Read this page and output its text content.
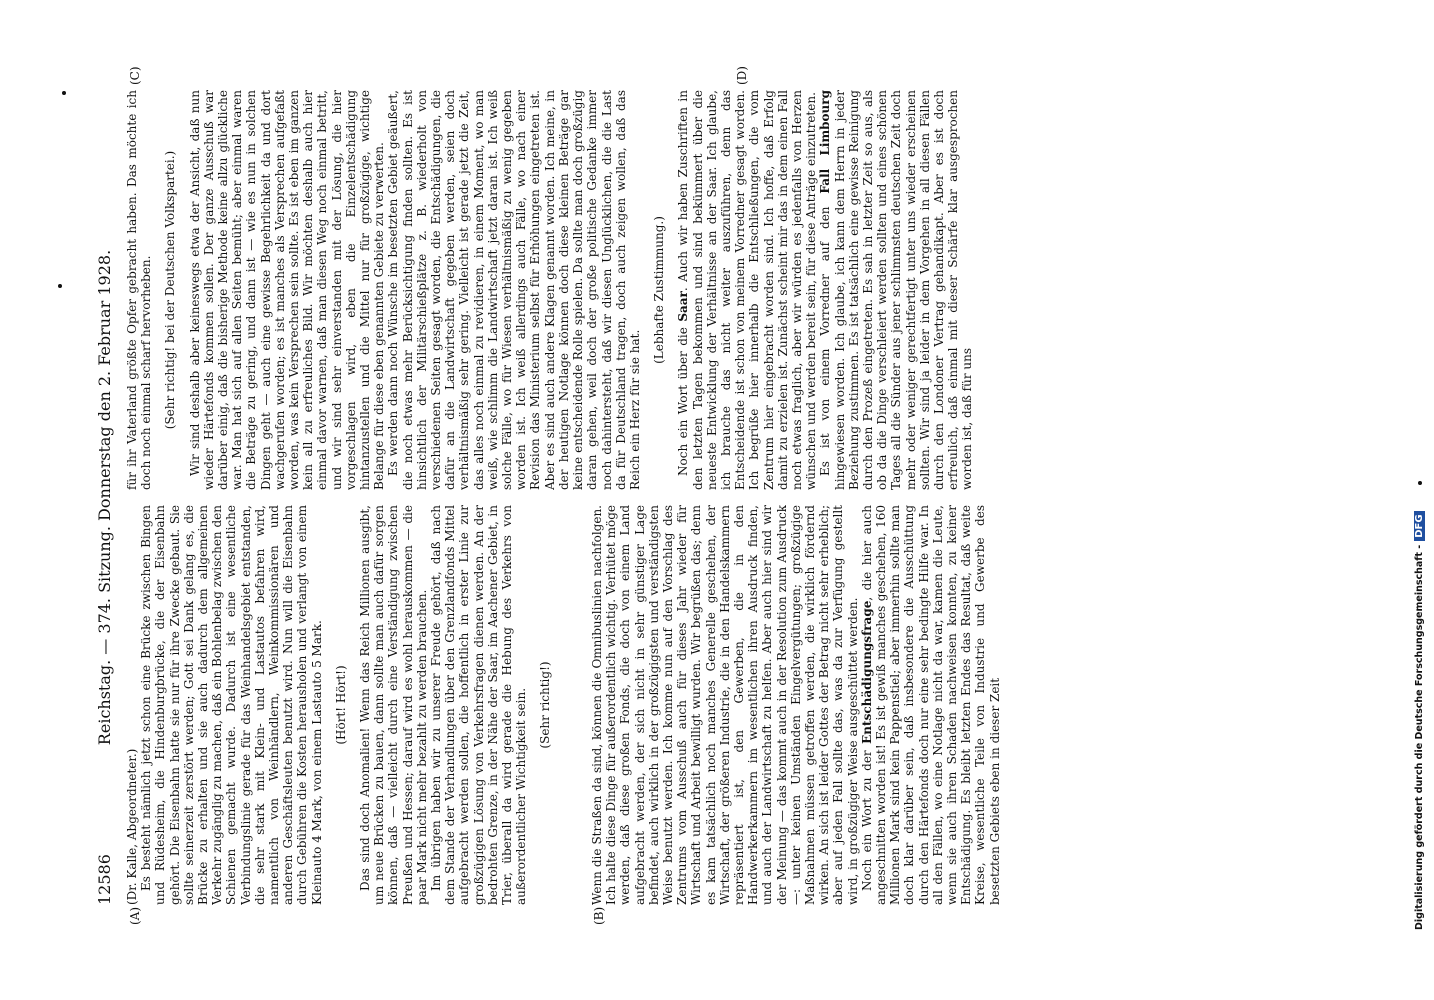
12586
Reichstag. — 374. Sitzung. Donnerstag den 2. Februar 1928.
(A)	(B)
(C)	(D)

(Dr. Kalle, Abgeordneter.) Es besteht nämlich jetzt schon eine Brücke zwischen Bingen und Rüdesheim, die Hindenburgbrücke, die der Eisenbahn gehört. Die Eisenbahn hatte sie nur für ihre Zwecke gebaut. Sie sollte seinerzeit zerstört werden; Gott sei Dank gelang es, die Brücke zu erhalten und sie auch dadurch dem allgemeinen Verkehr zugänglig zu machen, daß ein Bohlenbelag zwischen den Schienen gemacht wurde. Dadurch ist eine wesentliche Verbindungslinie gerade für das Weinhandelsgebiet entstanden, die sehr stark mit Klein- und Lastautos befahren wird, namentlich von Weinhändlern, Weinkommissionären und anderen Geschäftsleuten benutzt wird. Nun will die Eisenbahn durch Gebühren die Kosten herausholen und verlangt von einem Kleinauto 4 Mark, von einem Lastauto 5 Mark. (Hört! Hört!) Das sind doch Anomalien! Wenn das Reich Millionen ausgibt, um neue Brücken zu bauen, dann sollte man auch dafür sorgen können, daß — vielleicht durch eine Verständigung zwischen Preußen und Hessen; darauf wird es wohl herauskommen — die paar Mark nicht mehr bezahlt zu werden brauchen. Im übrigen haben wir zu unserer Freude gehört, daß nach dem Stande der Verhandlungen über den Grenzlandfonds Mittel aufgebracht werden sollen, die hoffentlich in erster Linie zur großzügigen Lösung von Verkehrsfragen dienen werden. An der bedrohten Grenze, in der Nähe der Saar, im Aachener Gebiet, in Trier, überall da wird gerade die Hebung des Verkehrs von außerordentlicher Wichtigkeit sein. (Sehr richtig!)	Wenn die Straßen da sind, können die Omnibuslinien nachfolgen. Ich halte diese Dinge für außerordentlich wichtig. Verhütet möge werden, daß diese großen Fonds, die doch von einem Land aufgebracht werden, der sich nicht in sehr günstiger Lage befindet, auch wirklich in der großzügigsten und verständigsten Weise benutzt werden. Ich komme nun auf den Vorschlag des Zentrums vom Ausschuß auch für dieses Jahr wieder für Wirtschaft und Arbeit bewilligt wurden. Wir begrüßen das; denn es kam tatsächlich noch manches Generelle geschehen, der Wirtschaft, der größeren Industrie, die in den Handelskammern repräsentiert ist, den Gewerben, die in den Handwerkerkammern im wesentlichen ihren Ausdruck finden, und auch der Landwirtschaft zu helfen. Aber auch hier sind wir der Meinung — das kommt auch in der Resolution zum Ausdruck —: unter keinen Umständen Eingelvergütungen; großzügige Maßnahmen müssen getroffen werden, die wirklich fördernd wirken. An sich ist leider Gottes der Betrag nicht sehr erheblich; aber auf jeden Fall sollte das, was da zur Verfügung gestellt wird, in großzügiger Weise ausgeschüttet werden. Noch ein Wort zu der Entschädigungsfrage, die hier auch angeschnitten worden ist! Es ist gewiß manches geschehen, 160 Millionen Mark sind kein Pappenstiel; aber immerhin sollte man doch klar darüber sein, daß insbesondere die Ausschüttung durch den Härtefonds doch nur eine sehr bedingte Hilfe war. In all den Fällen, wo eine Notlage nicht da war, kamen die Leute, wenn sie auch ihren Schaden nachweisen konnten, zu keiner Entschädigung. Es bleibt letzten Endes das Resultat, daß weite Kreise, wesentliche Teile von Industrie und Gewerbe des besetzten Gebiets eben in dieser Zeit

für ihr Vaterland größte Opfer gebracht haben. Das möchte ich doch noch einmal scharf hervorheben. (Sehr richtig! bei der Deutschen Volkspartei.) Wir sind deshalb aber keineswegs etwa der Ansicht, daß nun wieder Härtefonds kommen sollen. Der ganze Ausschuß war darüber einig, daß die bisherige Methode keine allzu glückliche war. Man hat sich auf allen Seiten bemüht; aber einmal waren die Beträge zu gering, und dann ist — wie es nun in solchen Dingen geht — auch eine gewisse Begehrlichkeit da und dort wachgerufen worden; es ist manches als Versprechen aufgefaßt worden, was kein Versprechen sein sollte. Es ist eben im ganzen kein all zu erfreuliches Bild. Wir möchten deshalb auch hier einmal davor warnen, daß man diesen Weg noch einmal betritt, und wir sind sehr einverstanden mit der Lösung, die hier vorgeschlagen wird, eben die Einzelentschädigung hintanzustellen und die Mittel nur für großzügige, wichtige Belange für diese eben genannten Gebiete zu verwerten. Es werden dann noch Wünsche im besetzten Gebiet geäußert, die noch etwas mehr Berücksichtigung finden sollten. Es ist hinsichtlich der Militärschießplätze z. B. wiederholt von verschiedenen Seiten gesagt worden, die Entschädigungen, die dafür an die Landwirtschaft gegeben werden, seien doch verhältnismäßig sehr gering. Vielleicht ist gerade jetzt die Zeit, das alles noch einmal zu revidieren, in einem Moment, wo man weiß, wie schlimm die Landwirtschaft jetzt daran ist. Ich weiß solche Fälle, wo für Wiesen verhältnismäßig zu wenig gegeben worden ist. Ich weiß allerdings auch Fälle, wo nach einer Revision das Ministerium selbst für Erhöhungen eingetreten ist. Aber es sind auch andere Klagen genannt worden. Ich meine, in der heutigen Notlage können doch diese kleinen Beträge gar keine entscheidende Rolle spielen. Da sollte man doch großzügig daran gehen, weil doch der große politische Gedanke immer noch dahintersteht, daß wir diesen Unglücklichen, die die Last da für Deutschland tragen, doch auch zeigen wollen, daß das Reich ein Herz für sie hat.

(Lebhafte Zustimmung.)

Noch ein Wort über die Saar. Auch wir haben Zuschriften in den letzten Tagen bekommen und sind bekümmert über die neueste Entwicklung der Verhältnisse an der Saar. Ich glaube, ich brauche das nicht weiter auszuführen, denn das Entscheidende ist schon von meinem Vorredner gesagt worden. Ich begrüße hier innerhalb die Entschließungen, die vom Zentrum hier eingebracht worden sind. Ich hoffe, daß Erfolg damit zu erzielen ist. Zunächst scheint mir das in dem einen Fall noch etwas fraglich, aber wir würden es jedenfalls von Herzen wünschen und werden bereit sein, für diese Anträge einzutreten. Es ist von einem Vorredner auf den Fall Limbourg hingewiesen worden. Ich glaube, ich kann dem Herrn in jeder Beziehung zustimmen. Es ist tatsächlich eine gewisse Reinigung durch den Prozeß eingetreten. Es sah in letzter Zeit so aus, als ob da die Dinge verschleiert werden sollten und eines schönen Tages all die Sünder aus jener schlimmsten deutschen Zeit doch mehr oder weniger gerechtfertigt unter uns wieder erscheinen sollten. Wir sind ja leider in dem Vorgehen in all diesen Fällen durch den Londoner Vertrag gehandikapt. Aber es ist doch erfreulich, daß einmal mit dieser Schärfe klar ausgesprochen worden ist, daß für uns

Digitalisierung gefördert durch die Deutsche Forschungsgemeinschaft -DFG
